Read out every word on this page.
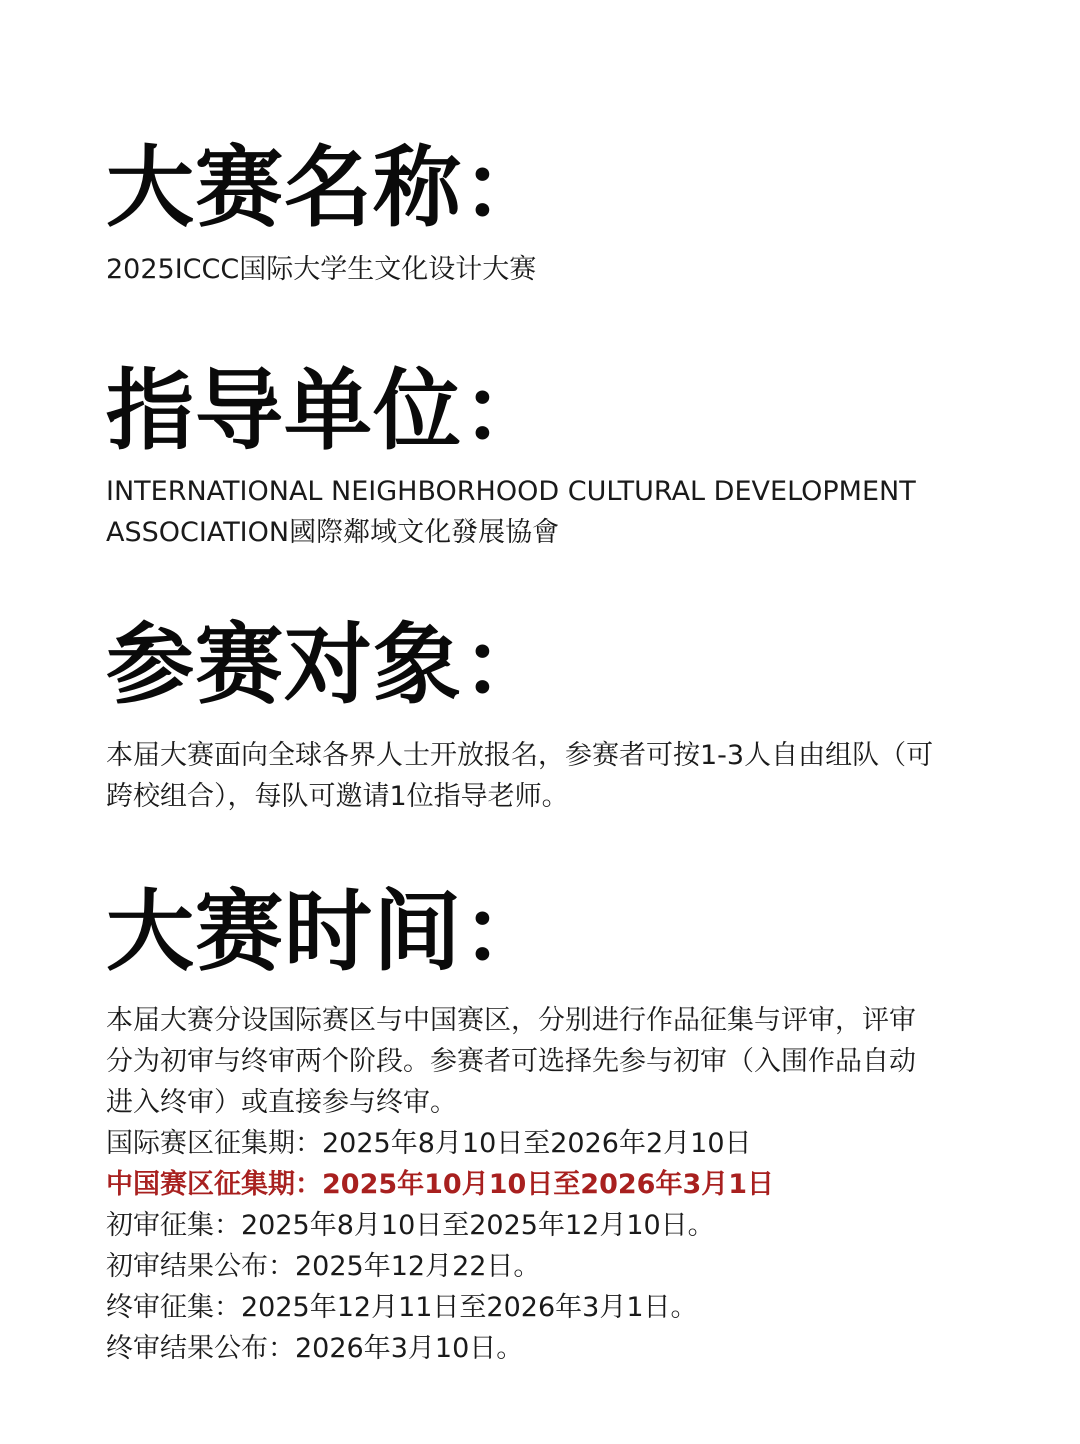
大赛名称：
2025ICCC国际大学生文化设计大赛
指导单位：
INTERNATIONAL NEIGHBORHOOD CULTURAL DEVELOPMENT
ASSOCIATION國際鄰域文化發展協會
参赛对象：
本届大赛面向全球各界人士开放报名，参赛者可按1-3人自由组队（可
跨校组合），每队可邀请1位指导老师。
大赛时间：
本届大赛分设国际赛区与中国赛区，分别进行作品征集与评审，评审
分为初审与终审两个阶段。参赛者可选择先参与初审（入围作品自动
进入终审）或直接参与终审。
国际赛区征集期：2025年8月10日至2026年2月10日
中国赛区征集期：2025年10月10日至2026年3月1日
初审征集：2025年8月10日至2025年12月10日。
初审结果公布：2025年12月22日。
终审征集：2025年12月11日至2026年3月1日。
终审结果公布：2026年3月10日。
